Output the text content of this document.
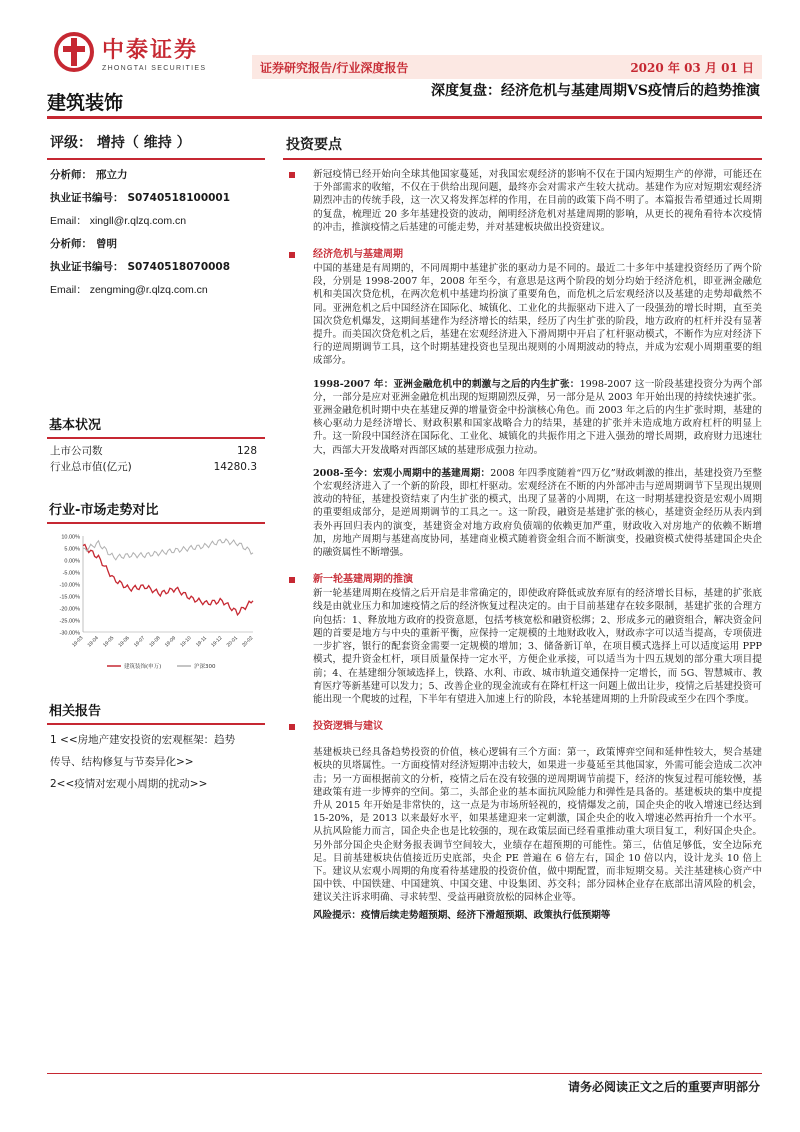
中泰证券
ZHONGTAI SECURITIES	证券研究报告/行业深度报告	2020 年 03 月 01 日
建筑装饰
深度复盘：经济危机与基建周期VS疫情后的趋势推演
评级： 增持（ 维持 ）
分析师： 邢立力
执业证书编号： S0740518100001
Email： xingll@r.qlzq.com.cn
分析师： 曾明
执业证书编号： S0740518070008
Email： zengming@r.qlzq.com.cn
基本状况
上市公司数	128
行业总市值(亿元)	14280.3
行业-市场走势对比
10.00%
5.00%
0.00%
-5.00%
-10.00%
-15.00%
-20.00%
-25.00%
-30.00%
19-03 19-04 19-05 19-06 19-07 19-08 19-09 19-10 19-11 19-12 20-01 20-02
建筑装饰(申万)	沪深300
相关报告
1 <<房地产建安投资的宏观框架：趋势
传导、结构修复与节奏异化>>
2<<疫情对宏观小周期的扰动>>
投资要点

新冠疫情已经开始向全球其他国家蔓延，对我国宏观经济的影响不仅在于国内短期生产的停滞，可能还在于外部需求的收缩，不仅在于供给出现问题，最终亦会对需求产生较大扰动。基建作为应对短期宏观经济剧烈冲击的传统手段，这一次又将发挥怎样的作用，在目前的政策下尚不明了。本篇报告希望通过长周期的复盘，梳理近 20 多年基建投资的波动，阐明经济危机对基建周期的影响，从更长的视角看待本次疫情的冲击，推演疫情之后基建的可能走势，并对基建板块做出投资建议。

经济危机与基建周期

中国的基建是有周期的，不同周期中基建扩张的驱动力是不同的。最近二十多年中基建投资经历了两个阶段，分别是 1998-2007 年，2008 年至今，有意思是这两个阶段的划分均始于经济危机，即亚洲金融危机和美国次贷危机，在两次危机中基建均扮演了重要角色，而危机之后宏观经济以及基建的走势却截然不同。亚洲危机之后中国经济在国际化、城镇化、工业化的共振驱动下进入了一段强劲的增长时期，直至美国次贷危机爆发，这期间基建作为经济增长的结果，经历了内生扩张的阶段，地方政府的杠杆并没有显著提升。而美国次贷危机之后，基建在宏观经济进入下滑周期中开启了杠杆驱动模式，不断作为应对经济下行的逆周期调节工具，这个时期基建投资也呈现出规则的小周期波动的特点，并成为宏观小周期重要的组成部分。

1998-2007 年：亚洲金融危机中的刺激与之后的内生扩张：1998-2007 这一阶段基建投资分为两个部分，一部分是应对亚洲金融危机出现的短期剧烈反弹，另一部分是从 2003 年开始出现的持续快速扩张。亚洲金融危机时期中央在基建反弹的增量资金中扮演核心角色。而 2003 年之后的内生扩张时期，基建的核心驱动力是经济增长、财政积累和国家战略合力的结果，基建的扩张并未造成地方政府杠杆的明显上升。这一阶段中国经济在国际化、工业化、城镇化的共振作用之下进入强劲的增长周期，政府财力迅速壮大，西部大开发战略对西部区域的基建形成强力拉动。

2008-至今：宏观小周期中的基建周期：2008 年四季度随着“四万亿”财政刺激的推出，基建投资乃至整个宏观经济进入了一个新的阶段，即杠杆驱动。宏观经济在不断的内外部冲击与逆周期调节下呈现出规则波动的特征，基建投资结束了内生扩张的模式，出现了显著的小周期，在这一时期基建投资是宏观小周期的重要组成部分，是逆周期调节的工具之一。这一阶段，融资是基建扩张的核心，基建资金经历从表内到表外再回归表内的演变，基建资金对地方政府负债端的依赖更加严重，财政收入对房地产的依赖不断增加，房地产周期与基建高度协同，基建商业模式随着资金组合而不断演变，投融资模式使得基建国企央企的融资属性不断增强。

新一轮基建周期的推演

新一轮基建周期在疫情之后开启是非常确定的，即使政府降低或放弃原有的经济增长目标，基建的扩张底线是由就业压力和加速疫情之后的经济恢复过程决定的。由于目前基建存在较多限制，基建扩张的合理方向包括：1、释放地方政府的投资意愿，包括考核宽松和融资松绑；2、形成多元的融资组合，解决资金问题的首要是地方与中央的重新平衡，应保持一定规模的土地财政收入，财政赤字可以适当提高，专项债进一步扩容，银行的配套资金需要一定规模的增加；3、储备新订单，在项目模式选择上可以适度运用 PPP 模式，提升资金杠杆，项目质量保持一定水平，方便企业承接，可以适当为十四五规划的部分重大项目提前；4、在基建细分领域选择上，铁路、水利、市政、城市轨道交通保持一定增长，而 5G、智慧城市、教育医疗等新基建可以发力；5、改善企业的现金流或有在降杠杆这一问题上做出让步，疫情之后基建投资可能出现一个爬坡的过程，下半年有望进入加速上行的阶段，本轮基建周期的上升阶段或至少在四个季度。

投资逻辑与建议

基建板块已经具备趋势投资的价值，核心逻辑有三个方面：第一，政策博弈空间和延伸性较大，契合基建板块的贝塔属性。一方面疫情对经济短期冲击较大，如果进一步蔓延至其他国家，外需可能会造成二次冲击；另一方面根据前文的分析，疫情之后在没有较强的逆周期调节前提下，经济的恢复过程可能较慢，基建政策有进一步博弈的空间。第二，头部企业的基本面抗风险能力和弹性是具备的。基建板块的集中度提升从 2015 年开始是非常快的，这一点是为市场所轻视的，疫情爆发之前，国企央企的收入增速已经达到 15-20%，是 2013 以来最好水平，如果基建迎来一定刺激，国企央企的收入增速必然再抬升一个水平。从抗风险能力而言，国企央企也是比较强的，现在政策层面已经看重推动重大项目复工，利好国企央企。另外部分国企央企财务报表调节空间较大，业绩存在超预期的可能性。第三，估值足够低，安全边际充足。目前基建板块估值接近历史底部，央企 PE 普遍在 6 倍左右，国企 10 倍以内，设计龙头 10 倍上下。建议从宏观小周期的角度看待基建股的投资价值，做中期配置，而非短期交易。关注基建核心资产中国中铁、中国铁建、中国建筑、中国交建、中设集团、苏交科；部分园林企业存在底部出清风险的机会，建议关注诉求明确、寻求转型、受益再融资放松的园林企业等。

风险提示：疫情后续走势超预期、经济下滑超预期、政策执行低预期等

请务必阅读正文之后的重要声明部分
